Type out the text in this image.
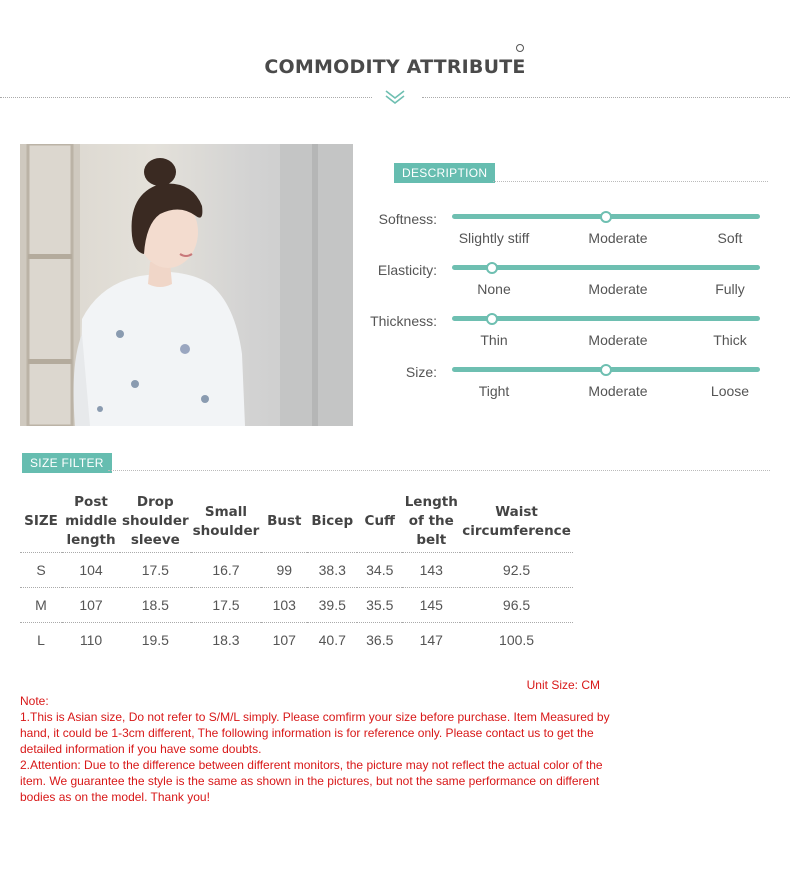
COMMODITY ATTRIBUTE
DESCRIPTION
Softness:
Slightly stiff	Moderate	Soft
Elasticity:
None	Moderate	Fully
Thickness:
Thin	Moderate	Thick
Size:
Tight	Moderate	Loose
SIZE FILTER
SIZE	Post middle length	Drop shoulder sleeve	Small shoulder	Bust	Bicep	Cuff	Length of the belt	Waist circumference
S	104	17.5	16.7	99	38.3	34.5	143	92.5
M	107	18.5	17.5	103	39.5	35.5	145	96.5
L	110	19.5	18.3	107	40.7	36.5	147	100.5
Unit Size: CM
Note:
1.This is Asian size, Do not refer to S/M/L simply. Please comfirm your size before purchase. Item Measured by hand, it could be 1-3cm different, The following information is for reference only. Please contact us to get the detailed information if you have some doubts.
2.Attention: Due to the difference between different monitors, the picture may not reflect the actual color of the item. We guarantee the style is the same as shown in the pictures, but not the same performance on different bodies as on the model. Thank you!
